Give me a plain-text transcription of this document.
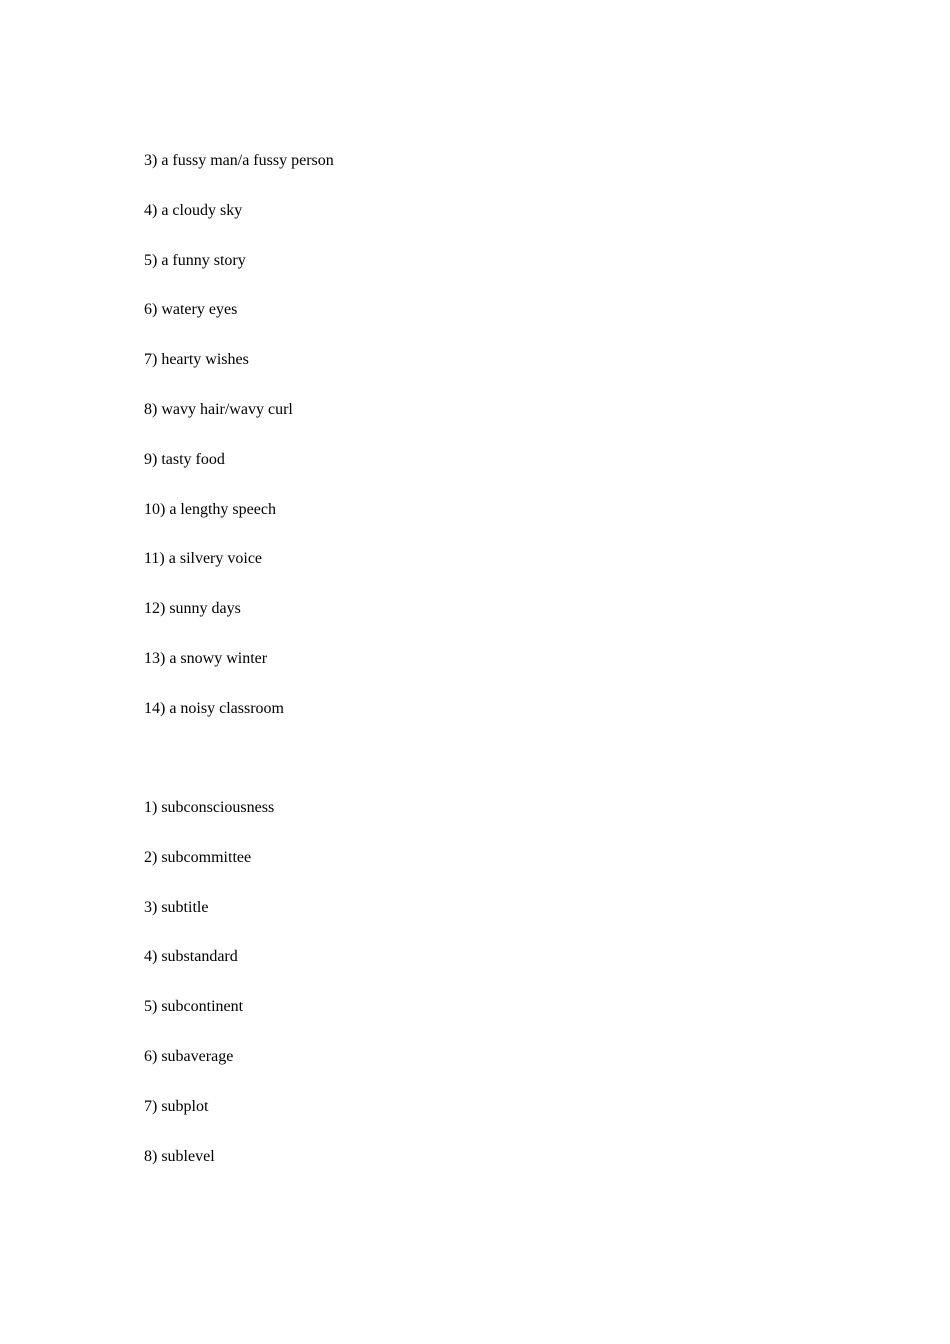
3) a fussy man/a fussy person
4) a cloudy sky
5) a funny story
6) watery eyes
7) hearty wishes
8) wavy hair/wavy curl
9) tasty food
10) a lengthy speech
11) a silvery voice
12) sunny days
13) a snowy winter
14) a noisy classroom
1) subconsciousness
2) subcommittee
3) subtitle
4) substandard
5) subcontinent
6) subaverage
7) subplot
8) sublevel
